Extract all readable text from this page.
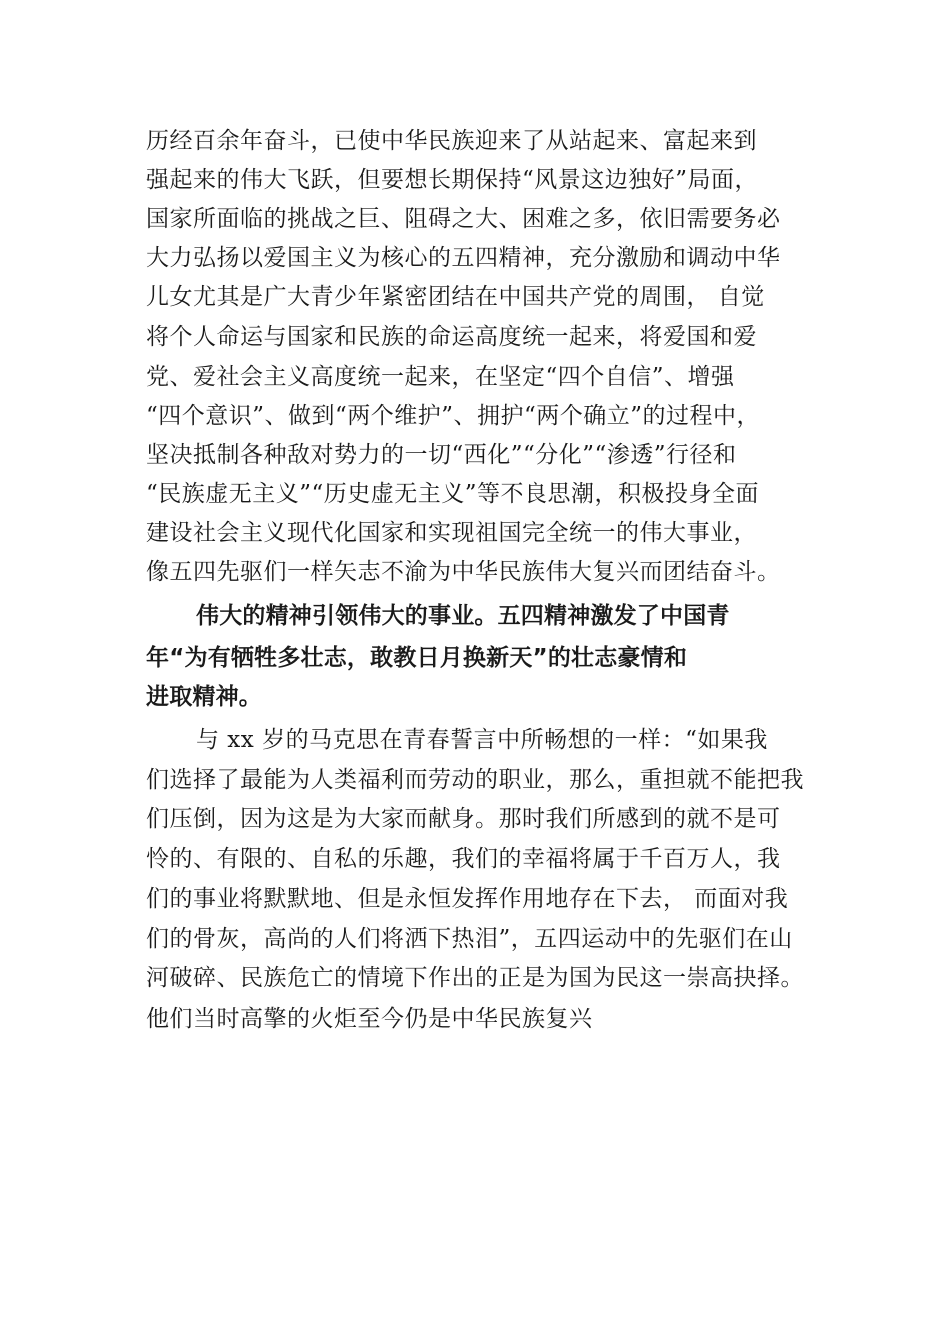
历经百余年奋斗，已使中华民族迎来了从站起来、富起来到
强起来的伟大飞跃，但要想长期保持“风景这边独好”局面，
国家所面临的挑战之巨、阻碍之大、困难之多，依旧需要务必
大力弘扬以爱国主义为核心的五四精神，充分激励和调动中华
儿女尤其是广大青少年紧密团结在中国共产党的周围， 自觉
将个人命运与国家和民族的命运高度统一起来，将爱国和爱
党、爱社会主义高度统一起来，在坚定“四个自信”、增强
“四个意识”、做到“两个维护”、拥护“两个确立”的过程中，
坚决抵制各种敌对势力的一切“西化”“分化”“渗透”行径和
“民族虚无主义”“历史虚无主义”等不良思潮，积极投身全面
建设社会主义现代化国家和实现祖国完全统一的伟大事业，
像五四先驱们一样矢志不渝为中华民族伟大复兴而团结奋斗。
伟大的精神引领伟大的事业。五四精神激发了中国青
年“为有牺牲多壮志，敢教日月换新天”的壮志豪情和
进取精神。
与 xx 岁的马克思在青春誓言中所畅想的一样：“如果我
们选择了最能为人类福利而劳动的职业，那么，重担就不能把我
们压倒，因为这是为大家而献身。那时我们所感到的就不是可
怜的、有限的、自私的乐趣，我们的幸福将属于千百万人，我
们的事业将默默地、但是永恒发挥作用地存在下去， 而面对我
们的骨灰，高尚的人们将洒下热泪”，五四运动中的先驱们在山
河破碎、民族危亡的情境下作出的正是为国为民这一崇高抉择。
他们当时高擎的火炬至今仍是中华民族复兴
